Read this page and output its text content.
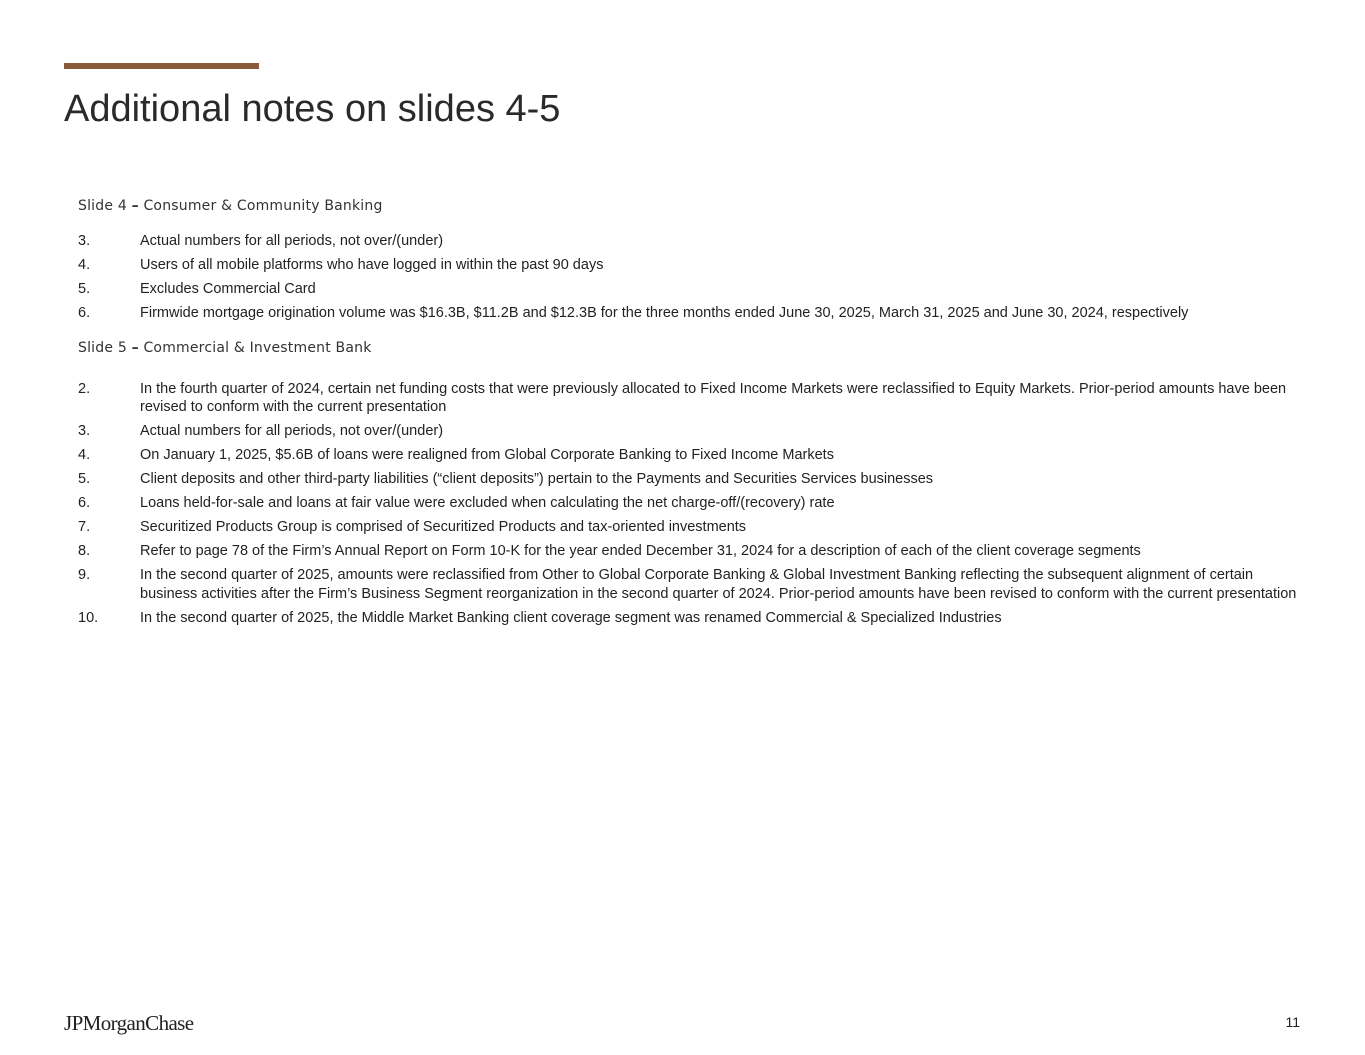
Additional notes on slides 4-5
Slide 4 – Consumer & Community Banking
3.	Actual numbers for all periods, not over/(under)
4.	Users of all mobile platforms who have logged in within the past 90 days
5.	Excludes Commercial Card
6.	Firmwide mortgage origination volume was $16.3B, $11.2B and $12.3B for the three months ended June 30, 2025, March 31, 2025 and June 30, 2024, respectively
Slide 5 – Commercial & Investment Bank
2.	In the fourth quarter of 2024, certain net funding costs that were previously allocated to Fixed Income Markets were reclassified to Equity Markets. Prior-period amounts have been revised to conform with the current presentation
3.	Actual numbers for all periods, not over/(under)
4.	On January 1, 2025, $5.6B of loans were realigned from Global Corporate Banking to Fixed Income Markets
5.	Client deposits and other third-party liabilities (“client deposits”) pertain to the Payments and Securities Services businesses
6.	Loans held-for-sale and loans at fair value were excluded when calculating the net charge-off/(recovery) rate
7.	Securitized Products Group is comprised of Securitized Products and tax-oriented investments
8.	Refer to page 78 of the Firm’s Annual Report on Form 10-K for the year ended December 31, 2024 for a description of each of the client coverage segments
9.	In the second quarter of 2025, amounts were reclassified from Other to Global Corporate Banking & Global Investment Banking reflecting the subsequent alignment of certain business activities after the Firm’s Business Segment reorganization in the second quarter of 2024. Prior-period amounts have been revised to conform with the current presentation
10.	In the second quarter of 2025, the Middle Market Banking client coverage segment was renamed Commercial & Specialized Industries
JPMorganChase	11
